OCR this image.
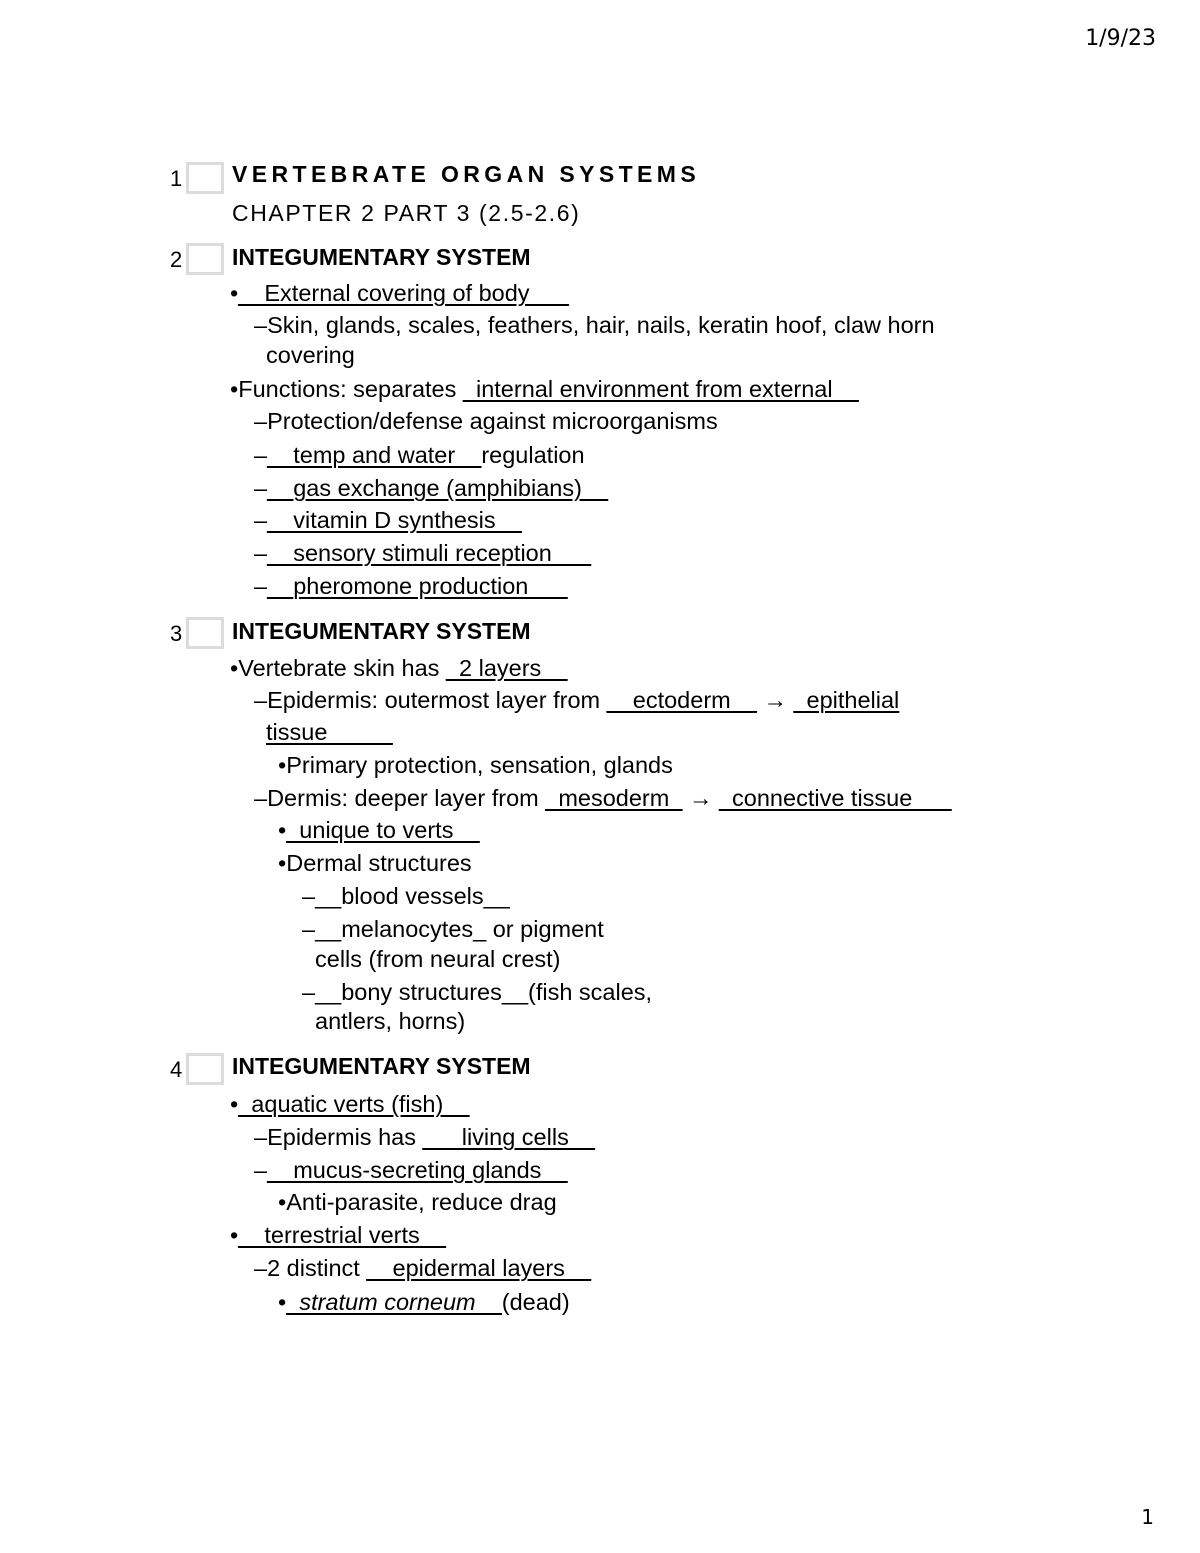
1/9/23
1
1 VERTEBRATE ORGAN SYSTEMS
CHAPTER 2 PART 3 (2.5-2.6)
2 INTEGUMENTARY SYSTEM
•__External covering of body___
–Skin, glands, scales, feathers, hair, nails, keratin hoof, claw horn
covering
•Functions: separates _internal environment from external__
–Protection/defense against microorganisms
–__temp and water__regulation
–__gas exchange (amphibians)__
–__vitamin D synthesis__
–__sensory stimuli reception___
–__pheromone production___
3 INTEGUMENTARY SYSTEM
•Vertebrate skin has _2 layers__
–Epidermis: outermost layer from __ectoderm__ → _epithelial
tissue_____
•Primary protection, sensation, glands
–Dermis: deeper layer from _mesoderm_ → _connective tissue___
•_unique to verts__
•Dermal structures
–__blood vessels__
–__melanocytes_ or pigment
cells (from neural crest)
–__bony structures__(fish scales,
antlers, horns)
4 INTEGUMENTARY SYSTEM
•_aquatic verts (fish)__
–Epidermis has ___living cells__
–__mucus-secreting glands__
•Anti-parasite, reduce drag
•__terrestrial verts__
–2 distinct __epidermal layers__
•_stratum corneum__(dead)
